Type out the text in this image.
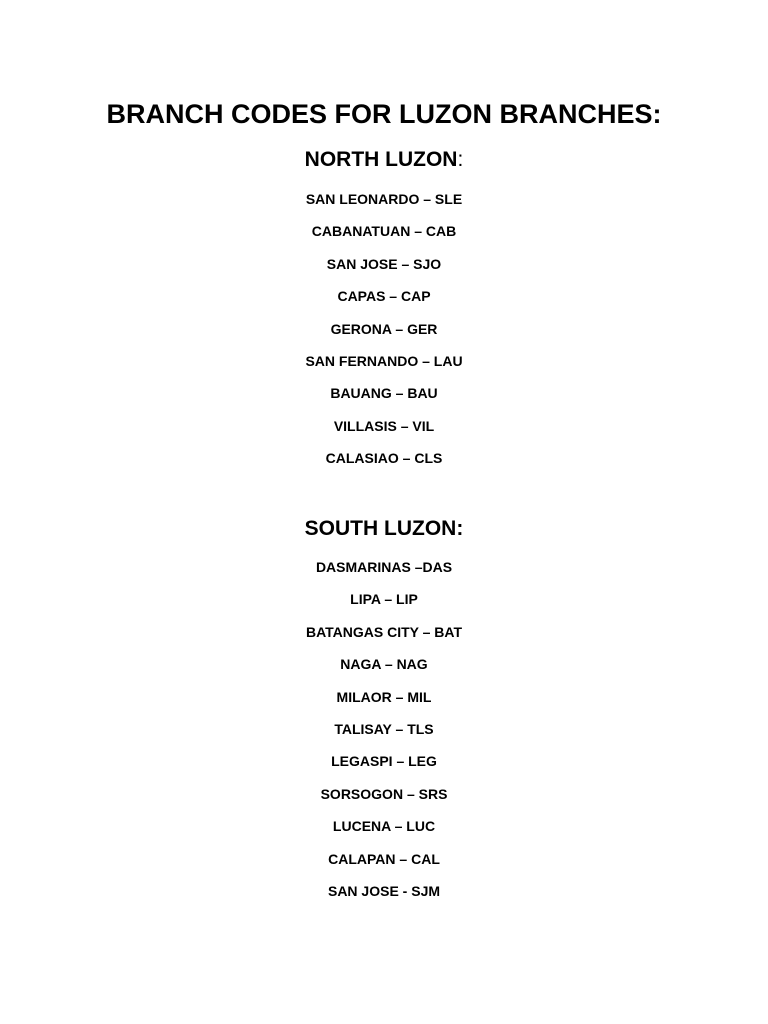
BRANCH CODES FOR LUZON BRANCHES:
NORTH LUZON:
SAN LEONARDO – SLE
CABANATUAN – CAB
SAN JOSE – SJO
CAPAS – CAP
GERONA – GER
SAN FERNANDO – LAU
BAUANG – BAU
VILLASIS – VIL
CALASIAO – CLS
SOUTH LUZON:
DASMARINAS –DAS
LIPA – LIP
BATANGAS CITY – BAT
NAGA – NAG
MILAOR – MIL
TALISAY – TLS
LEGASPI – LEG
SORSOGON – SRS
LUCENA – LUC
CALAPAN – CAL
SAN JOSE - SJM
